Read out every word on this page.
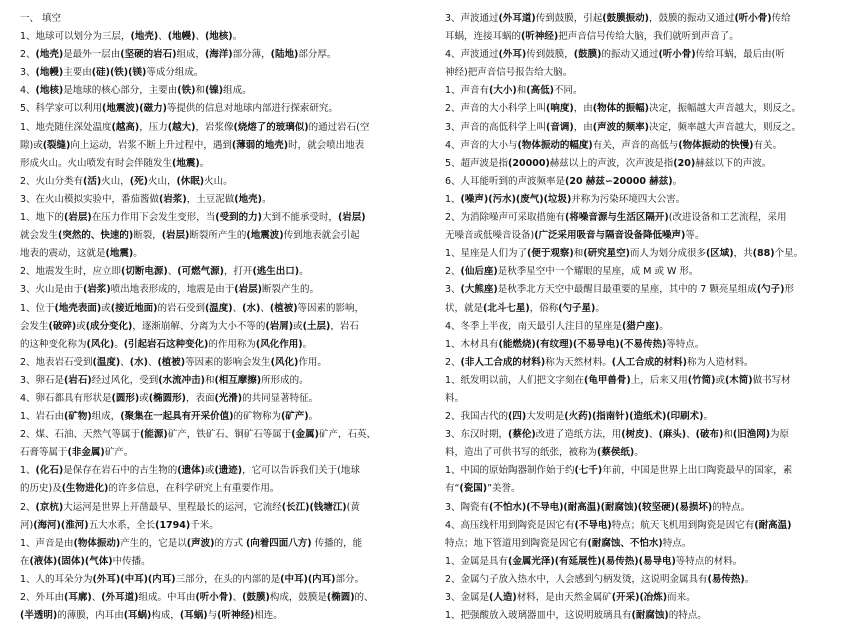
一、 填空
1、地球可以划分为三层，(地壳)、(地幔)、(地核)。
2、(地壳)是最外一层由(坚硬的岩石)组成，(海洋)部分薄，(陆地)部分厚。
3、(地幔)主要由(硅)(铁)(镁)等成分组成。
4、(地核)是地球的核心部分，主要由(铁)和(镍)组成。
5、科学家可以利用(地震波)(磁力)等提供的信息对地球内部进行探索研究。
1、地壳随住深处温度(越高)，压力(越大)，岩浆像(烧熔了的玻璃似)的通过岩石(空
隙)或(裂缝)向上运动，岩浆不断上升过程中，遇到(薄弱的地壳)时，就会喷出地表
形成火山。火山喷发有时会伴随发生(地震)。
2、火山分类有(活)火山，(死)火山，(休眠)火山。
3、在火山模拟实验中，番茄酱做(岩浆)，土豆泥做(地壳)。
1、地下的(岩层)在压力作用下会发生变形，当(受到的力)大到不能承受时，(岩层)
就会发生(突然的、快速的)断裂，(岩层)断裂所产生的(地震波)传到地表就会引起
地表的震动，这就是(地震)。
2、地震发生时，应立即(切断电源)、(可燃气源)，打开(逃生出口)。
3、火山是由于(岩浆)喷出地表形成的，地震是由于(岩层)断裂产生的。
1、位于(地壳表面)或(接近地面)的岩石受到(温度)、(水)、(植被)等因素的影响，
会发生(破碎)或(成分变化)，逐渐崩解、分离为大小不等的(岩屑)或(土层)，岩石
的这种变化称为(风化)。(引起岩石这种变化)的作用称为(风化作用)。
2、地表岩石受到(温度)、(水)、(植被)等因素的影响会发生(风化)作用。
3、卵石是(岩石)经过风化，受到(水流冲击)和(相互摩擦)所形成的。
4、卵石都具有形状是(圆形)或(椭圆形)，表面(光滑)的共同显著特征。
1、岩石由(矿物)组成，(聚集在一起具有开采价值)的矿物称为(矿产)。
2、煤、石油、天然气等属于(能源)矿产，铁矿石、铜矿石等属于(金属)矿产，石英、
石膏等属于(非金属)矿产。
1、(化石)是保存在岩石中的古生物的(遗体)或(遗迹)，它可以告诉我们关于(地球
的历史)及(生物进化)的许多信息，在科学研究上有重要作用。
2、(京杭)大运河是世界上开凿最早、里程最长的运河，它流经(长江)(钱塘江)(黄
河)(海河)(淮河)五大水系，全长(1794)千米。
1、声音是由(物体振动)产生的，它是以(声波)的方式 (向着四面八方) 传播的，能
在(液体)(固体)(气体)中传播。
1、人的耳朵分为(外耳)(中耳)(内耳)三部分，在头的内部的是(中耳)(内耳)部分。
2、外耳由(耳廓)、(外耳道)组成。中耳由(听小骨)、(鼓膜)构成，鼓膜是(椭圆)的、
(半透明)的薄膜，内耳由(耳蜗)构成，(耳蜗)与(听神经)相连。
3、声波通过(外耳道)传到鼓膜，引起(鼓膜振动)，鼓膜的振动又通过(听小骨)传给
耳蜗，连接耳蜗的(听神经)把声音信号传给大脑，我们就听到声音了。
4、声波通过(外耳)传到鼓膜，(鼓膜)的振动又通过(听小骨)传给耳蜗，最后由(听
神经)把声音信号报告给大脑。
1、声音有(大小)和(高低)不同。
2、声音的大小科学上叫(响度)，由(物体的振幅)决定，振幅越大声音越大，则反之。
3、声音的高低科学上叫(音调)，由(声波的频率)决定，频率越大声音越大，则反之。
4、声音的大小与(物体振动的幅度)有关，声音的高低与(物体振动的快慢)有关。
5、超声波是指(20000)赫兹以上的声波，次声波是指(20)赫兹以下的声波。
6、人耳能听到的声波频率是(20 赫兹∽20000 赫兹)。
1、(噪声)(污水)(废气)(垃圾)并称为污染环境四大公害。
2、为消除噪声可采取措施有(将噪音源与生活区隔开)(改进设备和工艺流程，采用
无噪音或低噪音设备)(广泛采用吸音与隔音设备降低噪声)等。
1、星座是人们为了(便于观察)和(研究星空)而人为划分成很多(区域)，共(88)个星。
2、(仙后座)是秋季星空中一个耀眼的星座，成 M 或 W 形。
3、(大熊座)是秋季北方天空中最醒目最重要的星座，其中的 7 颗亮星组成(勺子)形
状，就是(北斗七星)，俗称(勺子星)。
4、冬季上半夜，南天最引人注目的星座是(猎户座)。
1、木材具有(能燃烧)(有纹理)(不易导电)(不易传热)等特点。
2、(非人工合成的材料)称为天然材料。(人工合成的材料)称为人造材料。
1、纸发明以前，人们把文字刻在(龟甲兽骨)上，后来又用(竹简)或(木简)做书写材
料。
2、我国古代的(四)大发明是(火药)(指南针)(造纸术)(印刷术)。
3、东汉时期，(蔡伦)改进了造纸方法，用(树皮)、(麻头)、(破布)和(旧渔网)为原
料，造出了可供书写的纸张，被称为(蔡侯纸)。
1、中国的原始陶器制作始于约(七千)年前，中国是世界上出口陶瓷最早的国家，素
有“(瓷国)”美誉。
3、陶瓷有(不怕水)(不导电)(耐高温)(耐腐蚀)(较坚硬)(易损坏)的特点。
4、高压线杆用到陶瓷是因它有(不导电)特点；航天飞机用到陶瓷是因它有(耐高温)
特点；地下管道用到陶瓷是因它有(耐腐蚀、不怕水)特点。
1、金属是具有(金属光泽)(有延展性)(易传热)(易导电)等特点的材料。
2、金属勺子放入热水中，人会感到勺柄发烫，这说明金属具有(易传热)。
3、金属是(人造)材料，是由天然金属矿(开采)(冶炼)而来。
1、把强酸放入玻璃器皿中，这说明玻璃具有(耐腐蚀)的特点。
